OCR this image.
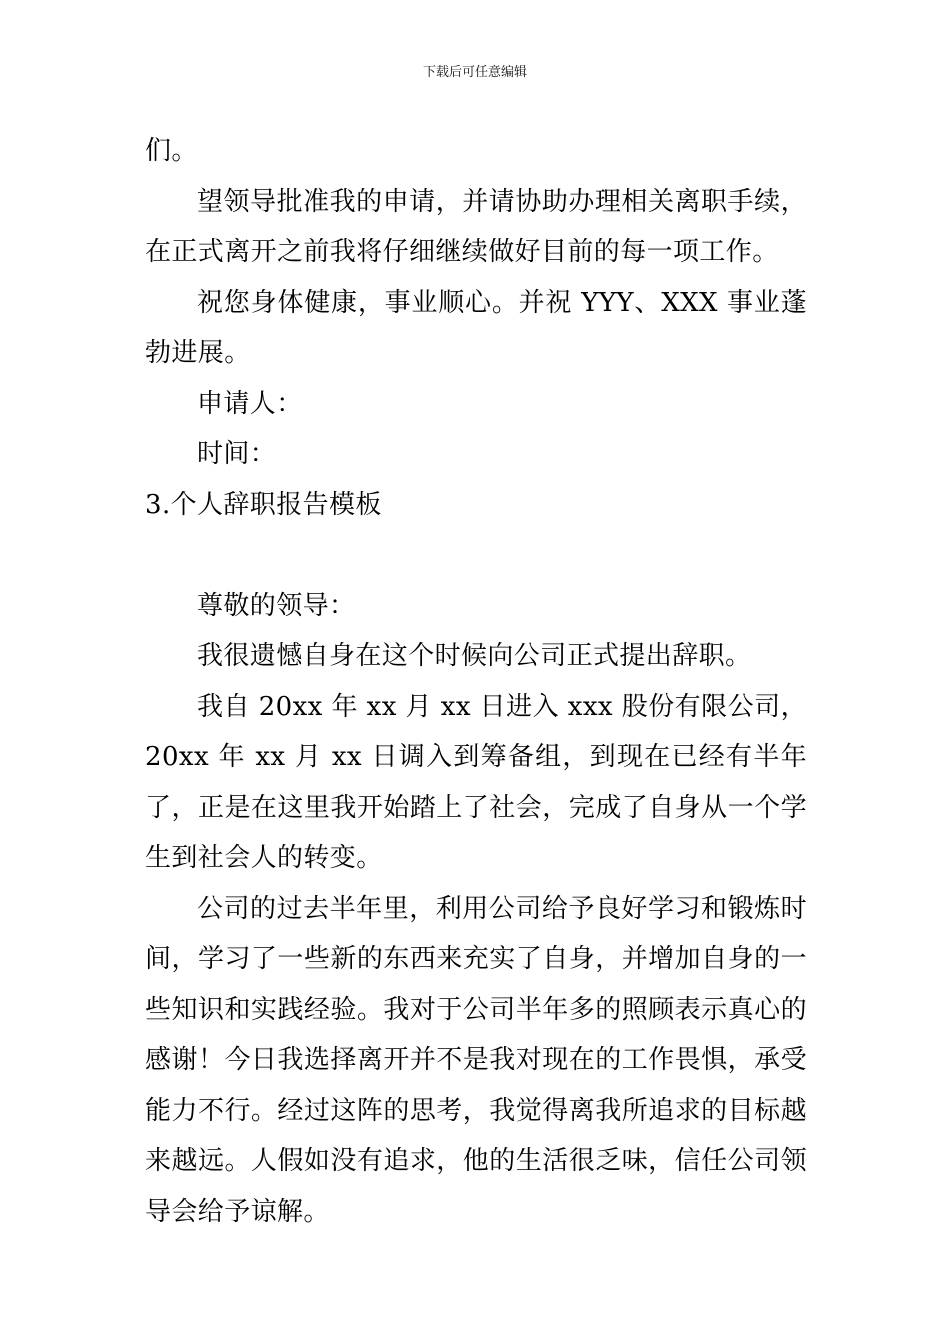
下载后可任意编辑

们。

望领导批准我的申请，并请协助办理相关离职手续，在正式离开之前我将仔细继续做好目前的每一项工作。

祝您身体健康，事业顺心。并祝 YYY、XXX 事业蓬勃进展。

申请人：

时间：

3.个人辞职报告模板

尊敬的领导：

我很遗憾自身在这个时候向公司正式提出辞职。

我自 20xx 年 xx 月 xx 日进入 xxx 股份有限公司，20xx 年 xx 月 xx 日调入到筹备组，到现在已经有半年了，正是在这里我开始踏上了社会，完成了自身从一个学生到社会人的转变。

公司的过去半年里，利用公司给予良好学习和锻炼时间，学习了一些新的东西来充实了自身，并增加自身的一些知识和实践经验。我对于公司半年多的照顾表示真心的感谢！今日我选择离开并不是我对现在的工作畏惧，承受能力不行。经过这阵的思考，我觉得离我所追求的目标越来越远。人假如没有追求，他的生活很乏味，信任公司领导会给予谅解。
